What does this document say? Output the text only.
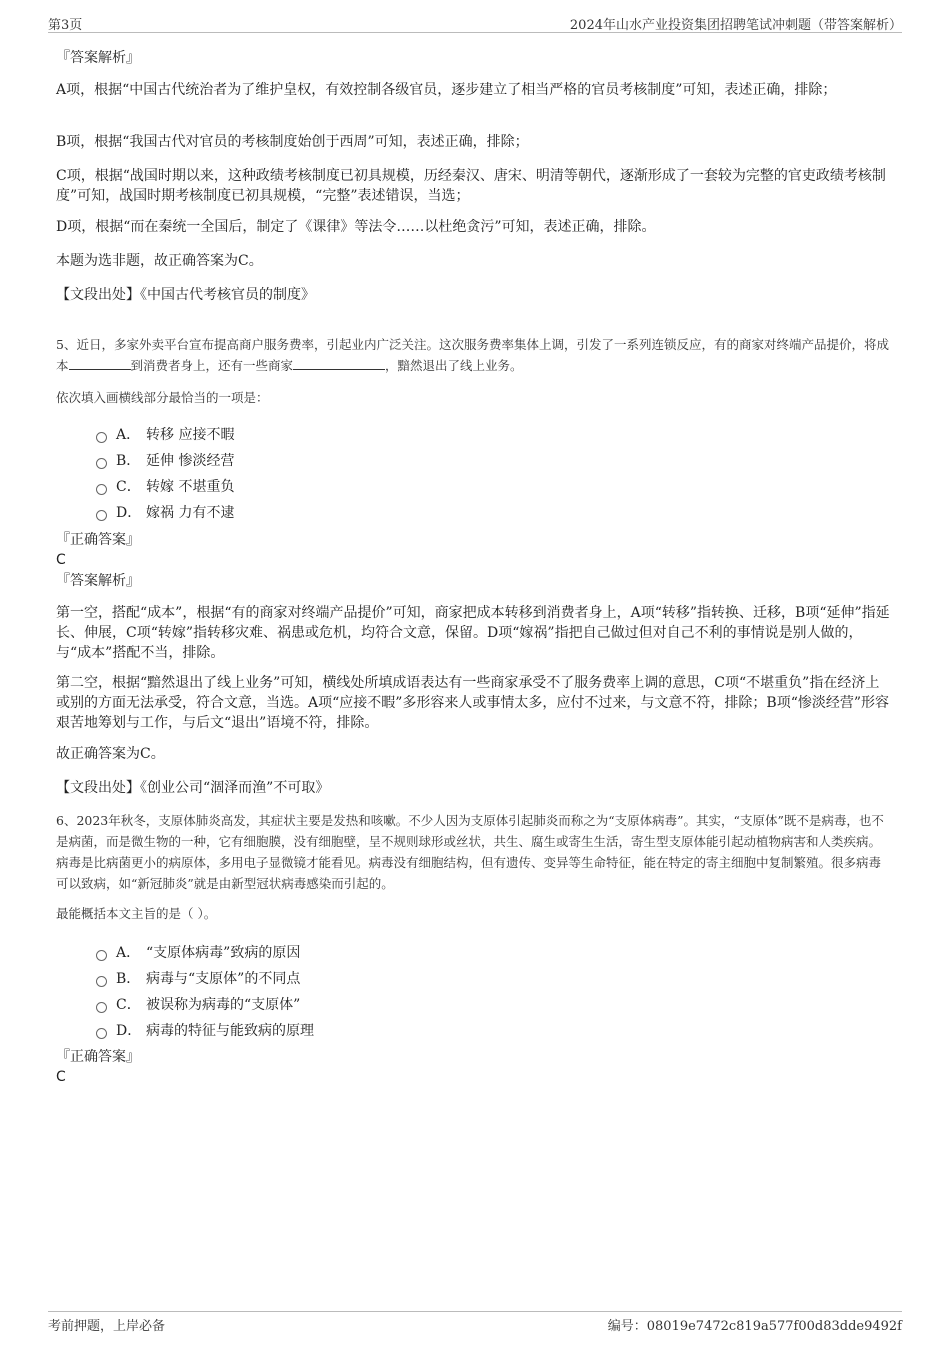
第3页	2024年山水产业投资集团招聘笔试冲刺题（带答案解析）
『答案解析』

A项，根据“中国古代统治者为了维护皇权，有效控制各级官员，逐步建立了相当严格的官员考核制度”可知，表述正确，排除；

B项，根据“我国古代对官员的考核制度始创于西周”可知，表述正确，排除；

C项，根据“战国时期以来，这种政绩考核制度已初具规模，历经秦汉、唐宋、明清等朝代，逐渐形成了一套较为完整的官吏政绩考核制度”可知，战国时期考核制度已初具规模，“完整”表述错误，当选；

D项，根据“而在秦统一全国后，制定了《课律》等法令……以杜绝贪污”可知，表述正确，排除。

本题为选非题，故正确答案为C。

【文段出处】《中国古代考核官员的制度》

5、近日，多家外卖平台宣布提高商户服务费率，引起业内广泛关注。这次服务费率集体上调，引发了一系列连锁反应，有的商家对终端产品提价，将成本	到消费者身上，还有一些商家	，黯然退出了线上业务。

依次填入画横线部分最恰当的一项是：

A． 转移 应接不暇
B． 延伸 惨淡经营
C． 转嫁 不堪重负
D． 嫁祸 力有不逮
『正确答案』
C
『答案解析』

第一空，搭配“成本”，根据“有的商家对终端产品提价”可知，商家把成本转移到消费者身上，A项“转移”指转换、迁移，B项“延伸”指延长、伸展，C项“转嫁”指转移灾难、祸患或危机，均符合文意，保留。D项“嫁祸”指把自己做过但对自己不利的事情说是别人做的，与“成本”搭配不当，排除。

第二空，根据“黯然退出了线上业务”可知，横线处所填成语表达有一些商家承受不了服务费率上调的意思，C项“不堪重负”指在经济上或别的方面无法承受，符合文意，当选。A项“应接不暇”多形容来人或事情太多，应付不过来，与文意不符，排除；B项“惨淡经营”形容艰苦地筹划与工作，与后文“退出”语境不符，排除。

故正确答案为C。

【文段出处】《创业公司“涸泽而渔”不可取》

6、2023年秋冬，支原体肺炎高发，其症状主要是发热和咳嗽。不少人因为支原体引起肺炎而称之为“支原体病毒”。其实，“支原体”既不是病毒，也不是病菌，而是微生物的一种，它有细胞膜，没有细胞壁，呈不规则球形或丝状，共生、腐生或寄生生活，寄生型支原体能引起动植物病害和人类疾病。病毒是比病菌更小的病原体，多用电子显微镜才能看见。病毒没有细胞结构，但有遗传、变异等生命特征，能在特定的寄主细胞中复制繁殖。很多病毒可以致病，如“新冠肺炎”就是由新型冠状病毒感染而引起的。

最能概括本文主旨的是（ ）。

A． “支原体病毒”致病的原因
B． 病毒与“支原体”的不同点
C． 被误称为病毒的“支原体”
D． 病毒的特征与能致病的原理
『正确答案』
C
考前押题，上岸必备	编号：08019e7472c819a577f00d83dde9492f
